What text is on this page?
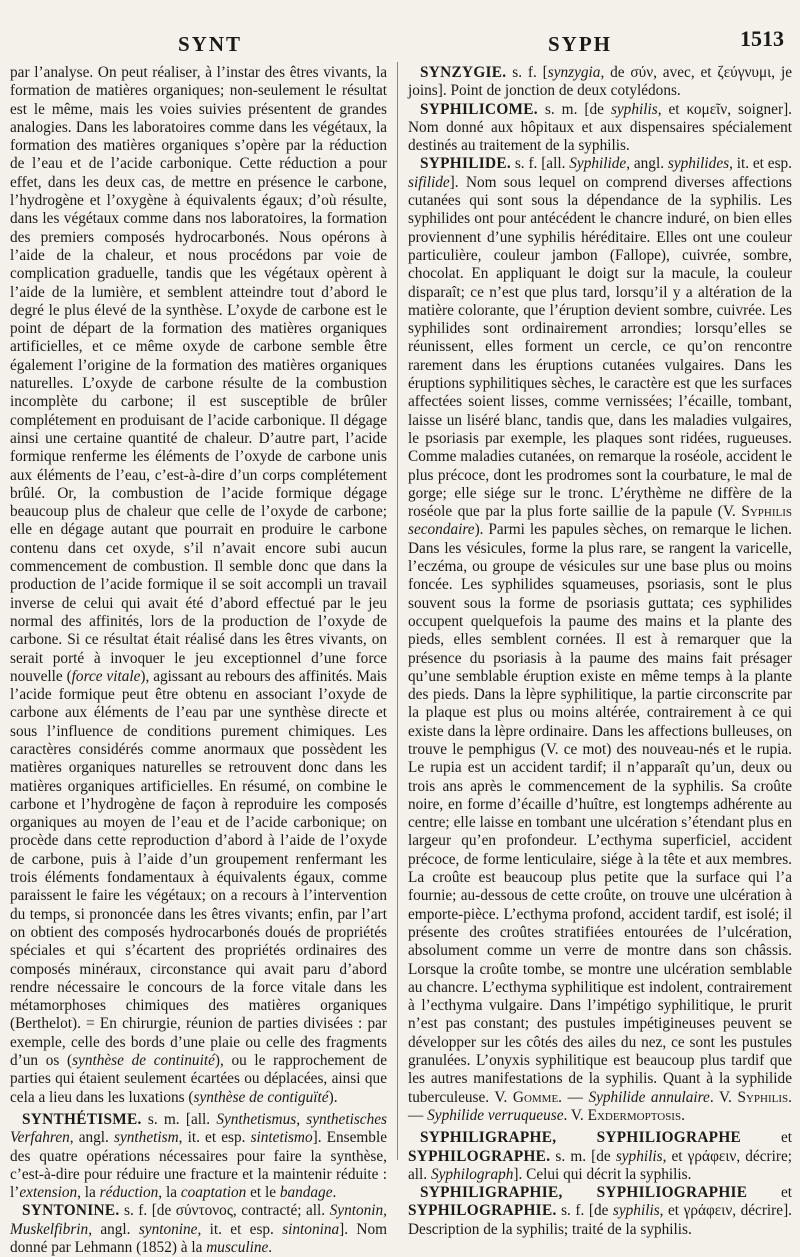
SYNT	SYPH	1513

par l’analyse. On peut réaliser, à l’instar des êtres vivants, la formation de matières organiques; non-seulement le résultat est le même, mais les voies suivies présentent de grandes analogies. Dans les laboratoires comme dans les végétaux, la formation des matières organiques s’opère par la réduction de l’eau et de l’acide carbonique. Cette réduction a pour effet, dans les deux cas, de mettre en présence le carbone, l’hydrogène et l’oxygène à équivalents égaux; d’où résulte, dans les végétaux comme dans nos laboratoires, la formation des premiers composés hydrocarbonés. Nous opérons à l’aide de la chaleur, et nous procédons par voie de complication graduelle, tandis que les végétaux opèrent à l’aide de la lumière, et semblent atteindre tout d’abord le degré le plus élevé de la synthèse. L’oxyde de carbone est le point de départ de la formation des matières organiques artificielles, et ce même oxyde de carbone semble être également l’origine de la formation des matières organiques naturelles. L’oxyde de carbone résulte de la combustion incomplète du carbone; il est susceptible de brûler complétement en produisant de l’acide carbonique. Il dégage ainsi une certaine quantité de chaleur. D’autre part, l’acide formique renferme les éléments de l’oxyde de carbone unis aux éléments de l’eau, c’est-à-dire d’un corps complétement brûlé. Or, la combustion de l’acide formique dégage beaucoup plus de chaleur que celle de l’oxyde de carbone; elle en dégage autant que pourrait en produire le carbone contenu dans cet oxyde, s’il n’avait encore subi aucun commencement de combustion. Il semble donc que dans la production de l’acide formique il se soit accompli un travail inverse de celui qui avait été d’abord effectué par le jeu normal des affinités, lors de la production de l’oxyde de carbone. Si ce résultat était réalisé dans les êtres vivants, on serait porté à invoquer le jeu exceptionnel d’une force nouvelle (force vitale), agissant au rebours des affinités. Mais l’acide formique peut être obtenu en associant l’oxyde de carbone aux éléments de l’eau par une synthèse directe et sous l’influence de conditions purement chimiques. Les caractères considérés comme anormaux que possèdent les matières organiques naturelles se retrouvent donc dans les matières organiques artificielles. En résumé, on combine le carbone et l’hydrogène de façon à reproduire les composés organiques au moyen de l’eau et de l’acide carbonique; on procède dans cette reproduction d’abord à l’aide de l’oxyde de carbone, puis à l’aide d’un groupement renfermant les trois éléments fondamentaux à équivalents égaux, comme paraissent le faire les végétaux; on a recours à l’intervention du temps, si prononcée dans les êtres vivants; enfin, par l’art on obtient des composés hydrocarbonés doués de propriétés spéciales et qui s’écartent des propriétés ordinaires des composés minéraux, circonstance qui avait paru d’abord rendre nécessaire le concours de la force vitale dans les métamorphoses chimiques des matières organiques (Berthelot). = En chirurgie, réunion de parties divisées : par exemple, celle des bords d’une plaie ou celle des fragments d’un os (synthèse de continuité), ou le rapprochement de parties qui étaient seulement écartées ou déplacées, ainsi que cela a lieu dans les luxations (synthèse de contiguïté).

SYNTHÉTISME. s. m. [all. Synthetismus, synthetisches Verfahren, angl. synthetism, it. et esp. sintetismo]. Ensemble des quatre opérations nécessaires pour faire la synthèse, c’est-à-dire pour réduire une fracture et la maintenir réduite : l’extension, la réduction, la coaptation et le bandage.

SYNTONINE. s. f. [de σύντονος, contracté; all. Syntonin, Muskelfibrin, angl. syntonine, it. et esp. sintonina]. Nom donné par Lehmann (1852) à la musculine.

SYNZYGIE. s. f. [synzygia, de σύν, avec, et ζεύγνυμι, je joins]. Point de jonction de deux cotylédons.

SYPHILICOME. s. m. [de syphilis, et κομεῖν, soigner]. Nom donné aux hôpitaux et aux dispensaires spécialement destinés au traitement de la syphilis.

SYPHILIDE. s. f. [all. Syphilide, angl. syphilides, it. et esp. sifilide]. Nom sous lequel on comprend diverses affections cutanées qui sont sous la dépendance de la syphilis. Les syphilides ont pour antécédent le chancre induré, on bien elles proviennent d’une syphilis héréditaire. Elles ont une couleur particulière, couleur jambon (Fallope), cuivrée, sombre, chocolat. En appliquant le doigt sur la macule, la couleur disparaît; ce n’est que plus tard, lorsqu’il y a altération de la matière colorante, que l’éruption devient sombre, cuivrée. Les syphilides sont ordinairement arrondies; lorsqu’elles se réunissent, elles forment un cercle, ce qu’on rencontre rarement dans les éruptions cutanées vulgaires. Dans les éruptions syphilitiques sèches, le caractère est que les surfaces affectées soient lisses, comme vernissées; l’écaille, tombant, laisse un liséré blanc, tandis que, dans les maladies vulgaires, le psoriasis par exemple, les plaques sont ridées, rugueuses. Comme maladies cutanées, on remarque la roséole, accident le plus précoce, dont les prodromes sont la courbature, le mal de gorge; elle siége sur le tronc. L’érythème ne diffère de la roséole que par la plus forte saillie de la papule (V. Syphilis secondaire). Parmi les papules sèches, on remarque le lichen. Dans les vésicules, forme la plus rare, se rangent la varicelle, l’eczéma, ou groupe de vésicules sur une base plus ou moins foncée. Les syphilides squameuses, psoriasis, sont le plus souvent sous la forme de psoriasis guttata; ces syphilides occupent quelquefois la paume des mains et la plante des pieds, elles semblent cornées. Il est à remarquer que la présence du psoriasis à la paume des mains fait présager qu’une semblable éruption existe en même temps à la plante des pieds. Dans la lèpre syphilitique, la partie circonscrite par la plaque est plus ou moins altérée, contrairement à ce qui existe dans la lèpre ordinaire. Dans les affections bulleuses, on trouve le pemphigus (V. ce mot) des nouveau-nés et le rupia. Le rupia est un accident tardif; il n’apparaît qu’un, deux ou trois ans après le commencement de la syphilis. Sa croûte noire, en forme d’écaille d’huître, est longtemps adhérente au centre; elle laisse en tombant une ulcération s’étendant plus en largeur qu’en profondeur. L’ecthyma superficiel, accident précoce, de forme lenticulaire, siége à la tête et aux membres. La croûte est beaucoup plus petite que la surface qui l’a fournie; au-dessous de cette croûte, on trouve une ulcération à emporte-pièce. L’ecthyma profond, accident tardif, est isolé; il présente des croûtes stratifiées entourées de l’ulcération, absolument comme un verre de montre dans son châssis. Lorsque la croûte tombe, se montre une ulcération semblable au chancre. L’ecthyma syphilitique est indolent, contrairement à l’ecthyma vulgaire. Dans l’impétigo syphilitique, le prurit n’est pas constant; des pustules impétigineuses peuvent se développer sur les côtés des ailes du nez, ce sont les pustules granulées. L’onyxis syphilitique est beaucoup plus tardif que les autres manifestations de la syphilis. Quant à la syphilide tuberculeuse. V. Gomme. — Syphilide annulaire. V. Syphilis. — Syphilide verruqueuse. V. Exdermoptosis.

SYPHILIGRAPHE, SYPHILIOGRAPHE et SYPHILOGRAPHE. s. m. [de syphilis, et γράφειν, décrire; all. Syphilograph]. Celui qui décrit la syphilis.

SYPHILIGRAPHIE, SYPHILIOGRAPHIE et SYPHILOGRAPHIE. s. f. [de syphilis, et γράφειν, décrire]. Description de la syphilis; traité de la syphilis.
